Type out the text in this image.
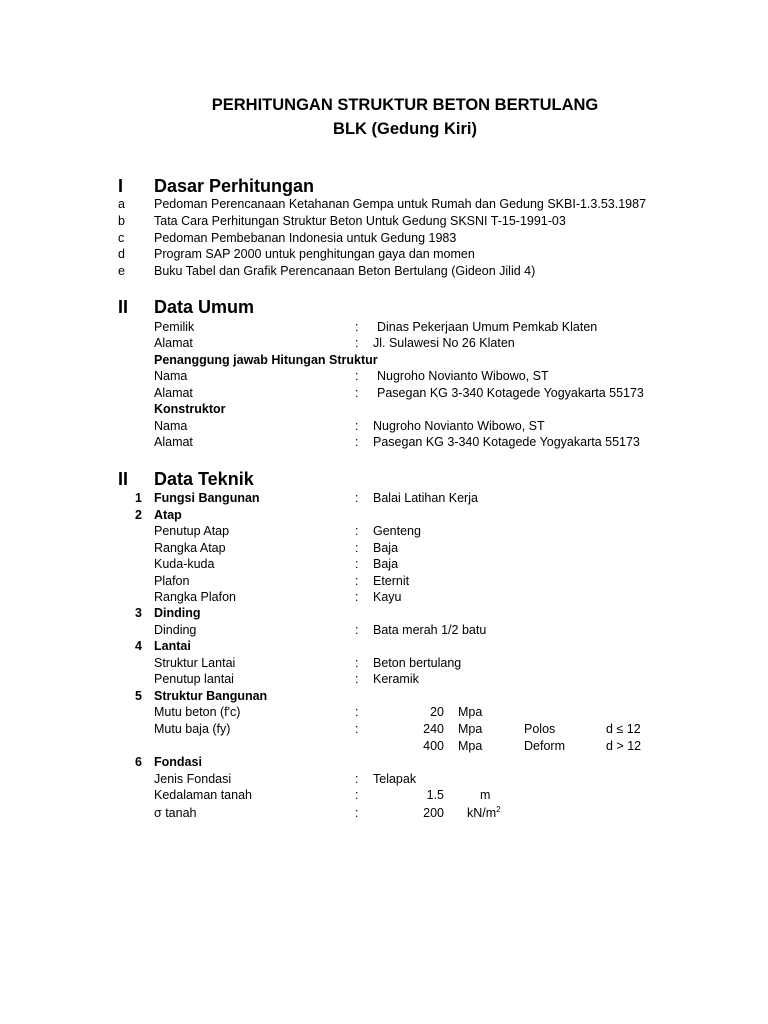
PERHITUNGAN STRUKTUR BETON BERTULANG
BLK (Gedung Kiri)
I Dasar Perhitungan
a Pedoman Perencanaan Ketahanan Gempa untuk Rumah dan Gedung SKBI-1.3.53.1987
b Tata Cara Perhitungan Struktur Beton Untuk Gedung SKSNI T-15-1991-03
c Pedoman Pembebanan Indonesia untuk Gedung 1983
d Program SAP 2000 untuk penghitungan gaya dan momen
e Buku Tabel dan Grafik Perencanaan Beton Bertulang (Gideon Jilid 4)
II Data Umum
Pemilik	: Dinas Pekerjaan Umum Pemkab Klaten
Alamat	: Jl. Sulawesi No 26 Klaten
Penanggung jawab Hitungan Struktur
Nama	: Nugroho Novianto Wibowo, ST
Alamat	: Pasegan KG 3-340 Kotagede Yogyakarta 55173
Konstruktor
Nama	: Nugroho Novianto Wibowo, ST
Alamat	: Pasegan KG 3-340 Kotagede Yogyakarta 55173
II Data Teknik
1 Fungsi Bangunan	: Balai Latihan Kerja
2 Atap
Penutup Atap	: Genteng
Rangka Atap	: Baja
Kuda-kuda	: Baja
Plafon	: Eternit
Rangka Plafon	: Kayu
3 Dinding
Dinding	: Bata merah 1/2 batu
4 Lantai
Struktur Lantai	: Beton bertulang
Penutup lantai	: Keramik
5 Struktur Bangunan
Mutu beton (f'c)	:	20 Mpa
Mutu baja (fy)	:	240 Mpa	Polos	d ≤ 12
400 Mpa	Deform	d > 12
6 Fondasi
Jenis Fondasi	: Telapak
Kedalaman tanah	:	1.5	m
σ tanah	:	200 $kN/m^2$
